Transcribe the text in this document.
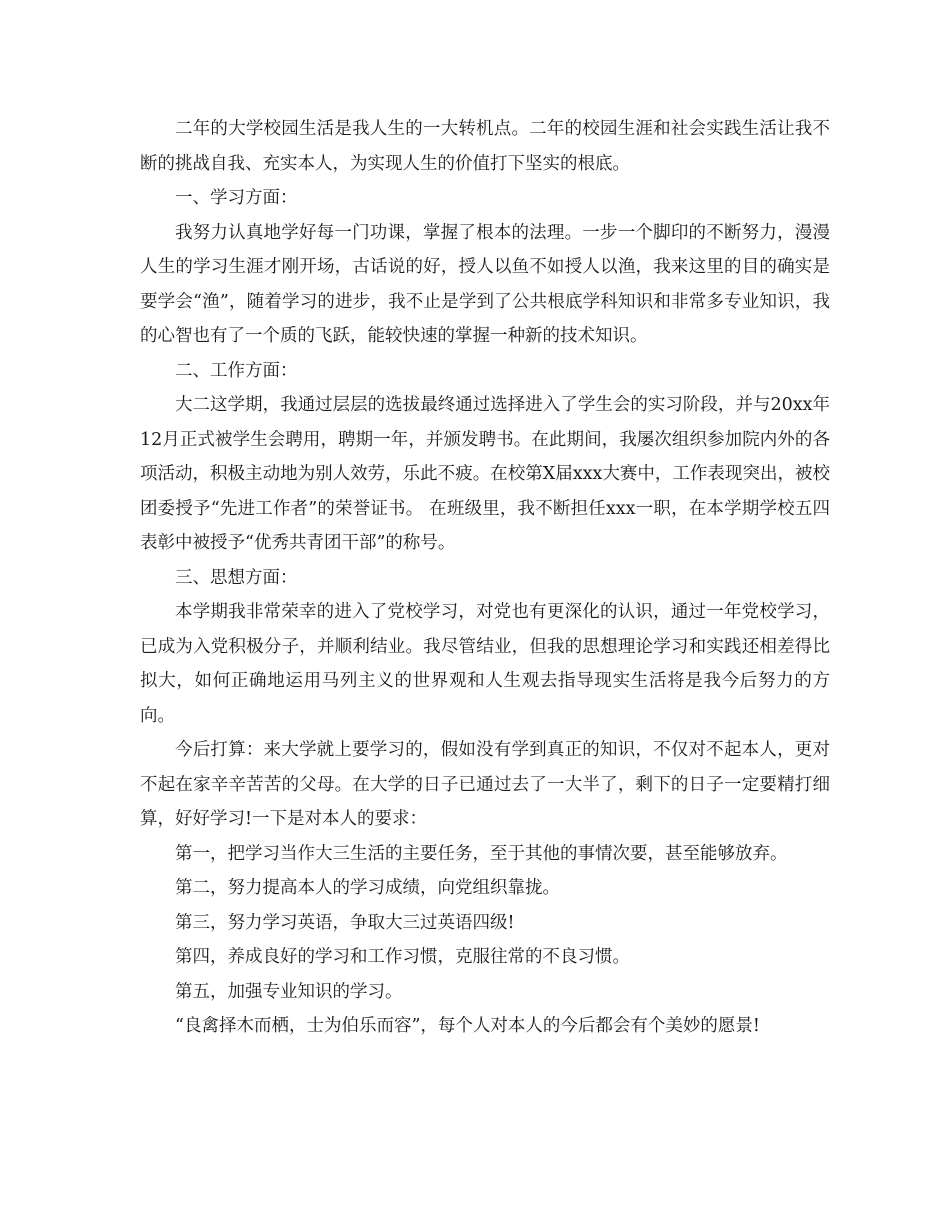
二年的大学校园生活是我人生的一大转机点。二年的校园生涯和社会实践生活让我不断的挑战自我、充实本人，为实现人生的价值打下坚实的根底。

一、学习方面：

我努力认真地学好每一门功课，掌握了根本的法理。一步一个脚印的不断努力，漫漫人生的学习生涯才刚开场，古话说的好，授人以鱼不如授人以渔，我来这里的目的确实是要学会“渔”，随着学习的进步，我不止是学到了公共根底学科知识和非常多专业知识，我的心智也有了一个质的飞跃，能较快速的掌握一种新的技术知识。

二、工作方面：

大二这学期，我通过层层的选拔最终通过选择进入了学生会的实习阶段，并与20xx年12月正式被学生会聘用，聘期一年，并颁发聘书。在此期间，我屡次组织参加院内外的各项活动，积极主动地为别人效劳，乐此不疲。在校第X届xxx大赛中，工作表现突出，被校团委授予“先进工作者”的荣誉证书。 在班级里，我不断担任xxx一职，在本学期学校五四表彰中被授予“优秀共青团干部”的称号。

三、思想方面：

本学期我非常荣幸的进入了党校学习，对党也有更深化的认识，通过一年党校学习，已成为入党积极分子，并顺利结业。我尽管结业，但我的思想理论学习和实践还相差得比拟大，如何正确地运用马列主义的世界观和人生观去指导现实生活将是我今后努力的方向。

今后打算：来大学就上要学习的，假如没有学到真正的知识，不仅对不起本人，更对不起在家辛辛苦苦的父母。在大学的日子已通过去了一大半了，剩下的日子一定要精打细算，好好学习!一下是对本人的要求：

第一，把学习当作大三生活的主要任务，至于其他的事情次要，甚至能够放弃。

第二，努力提高本人的学习成绩，向党组织靠拢。

第三，努力学习英语，争取大三过英语四级!

第四，养成良好的学习和工作习惯，克服往常的不良习惯。

第五，加强专业知识的学习。

“良禽择木而栖，士为伯乐而容”，每个人对本人的今后都会有个美妙的愿景!
